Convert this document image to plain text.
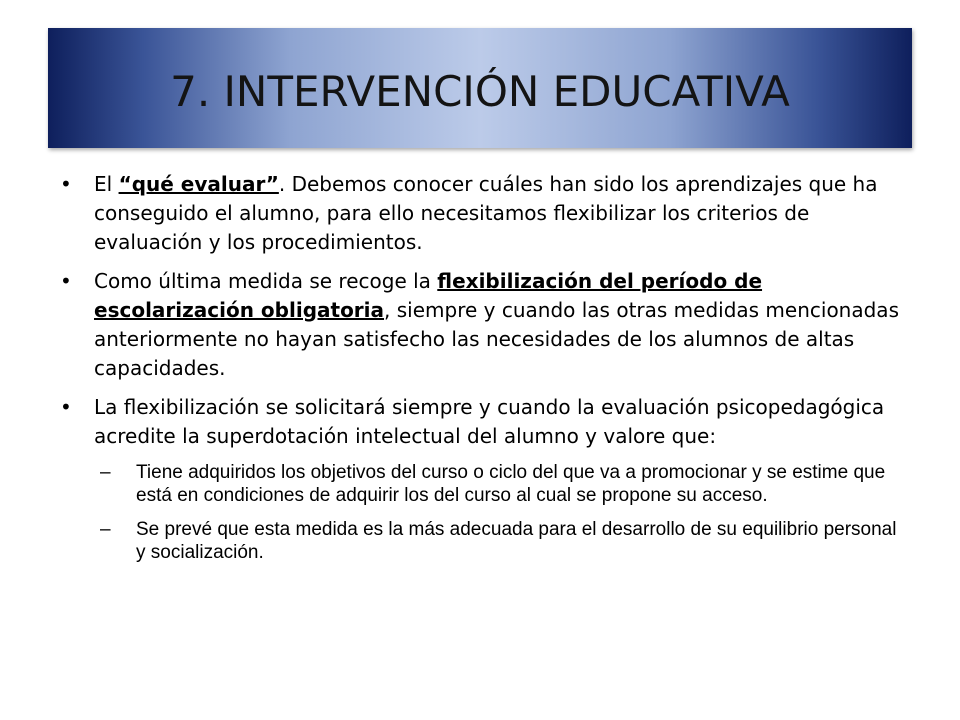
7. INTERVENCIÓN EDUCATIVA
•	El “qué evaluar”. Debemos conocer cuáles han sido los aprendizajes que ha conseguido el alumno, para ello necesitamos flexibilizar los criterios de evaluación y los procedimientos.
•	Como última medida se recoge la flexibilización del período de escolarización obligatoria, siempre y cuando las otras medidas mencionadas anteriormente no hayan satisfecho las necesidades de los alumnos de altas capacidades.
•	La flexibilización se solicitará siempre y cuando la evaluación psicopedagógica acredite la superdotación intelectual del alumno y valore que:
– Tiene adquiridos los objetivos del curso o ciclo del que va a promocionar y se estime que está en condiciones de adquirir los del curso al cual se propone su acceso.
– Se prevé que esta medida es la más adecuada para el desarrollo de su equilibrio personal y socialización.
